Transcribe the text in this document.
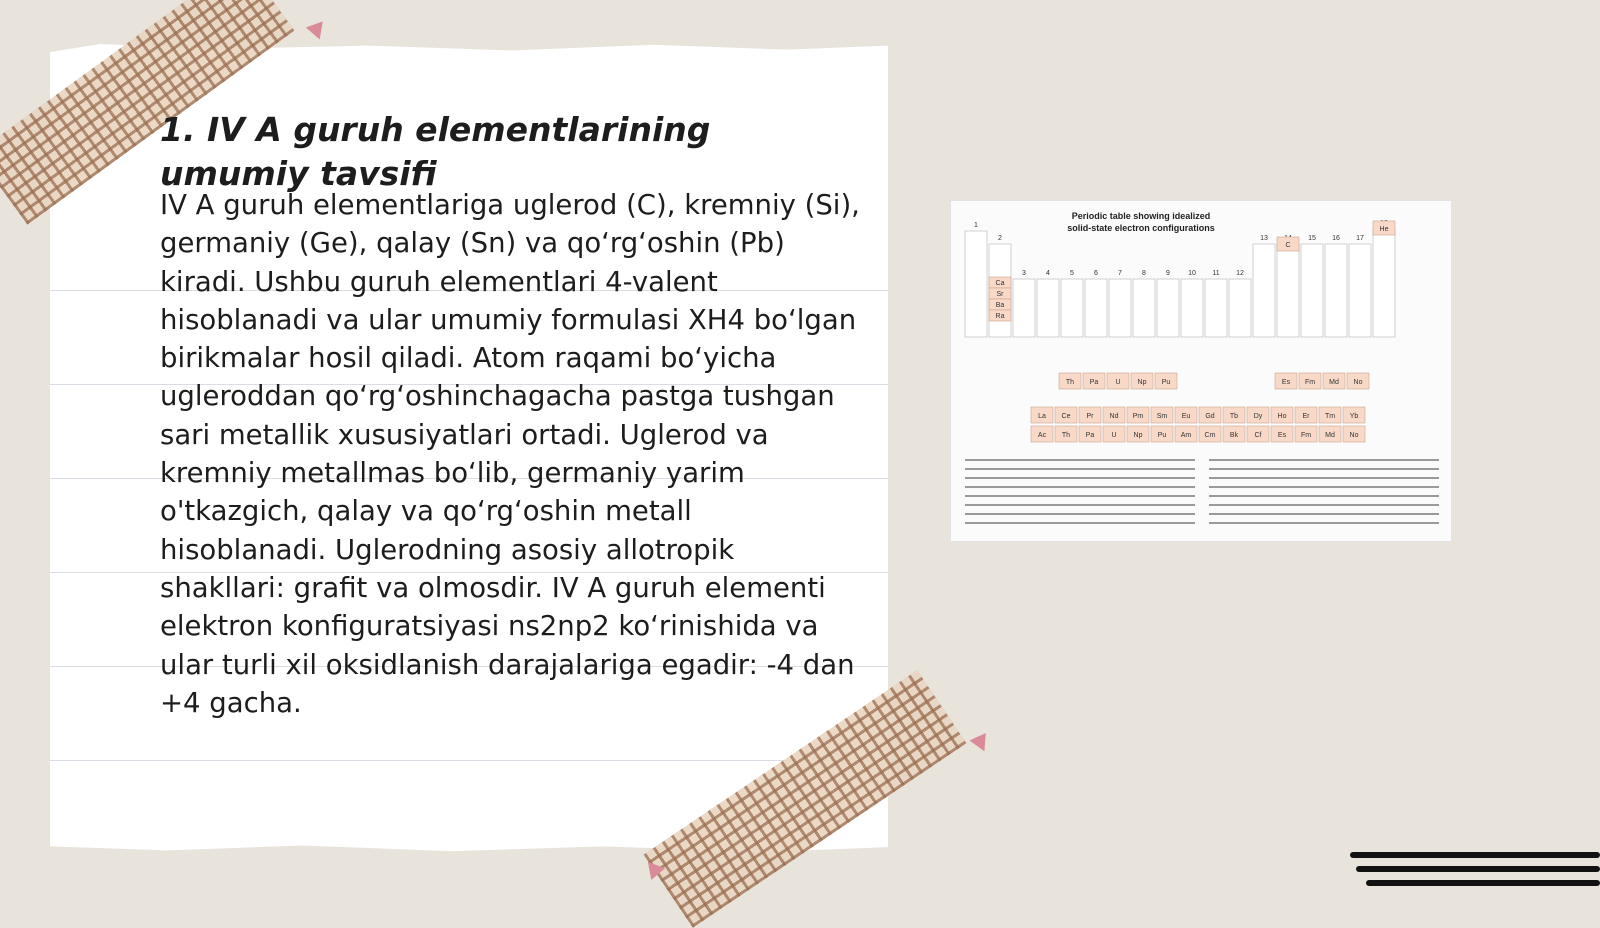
1. IV A guruh elementlarining umumiy tavsifi

IV A guruh elementlariga uglerod (C), kremniy (Si), germaniy (Ge), qalay (Sn) va qo‘rg‘oshin (Pb) kiradi. Ushbu guruh elementlari 4-valent hisoblanadi va ular umumiy formulasi XH4 bo‘lgan birikmalar hosil qiladi. Atom raqami bo‘yicha ugleroddan qo‘rg‘oshinchagacha pastga tushgan sari metallik xususiyatlari ortadi. Uglerod va kremniy metallmas bo‘lib, germaniy yarim o'tkazgich, qalay va qo‘rg‘oshin metall hisoblanadi. Uglerodning asosiy allotropik shakllari: grafit va olmosdir. IV A guruh elementi elektron konfiguratsiyasi ns2np2 ko‘rinishida va ular turli xil oksidlanish darajalariga egadir: -4 dan +4 gacha.

Periodic table showing idealized
solid-state electron configurations
1
2
3	4	5	6	7	8	9	10 11 12
13	15 16 17
Ca
Sr
Ba
Ra
C
He
Th Pa U Np Pu	Es Fm Md No
La Ce Pr Nd Pm Sm Eu Gd Tb Dy Ho Er Tm Yb
Ac Th Pa U Np Pu Am Cm Bk Cf Es Fm Md No
